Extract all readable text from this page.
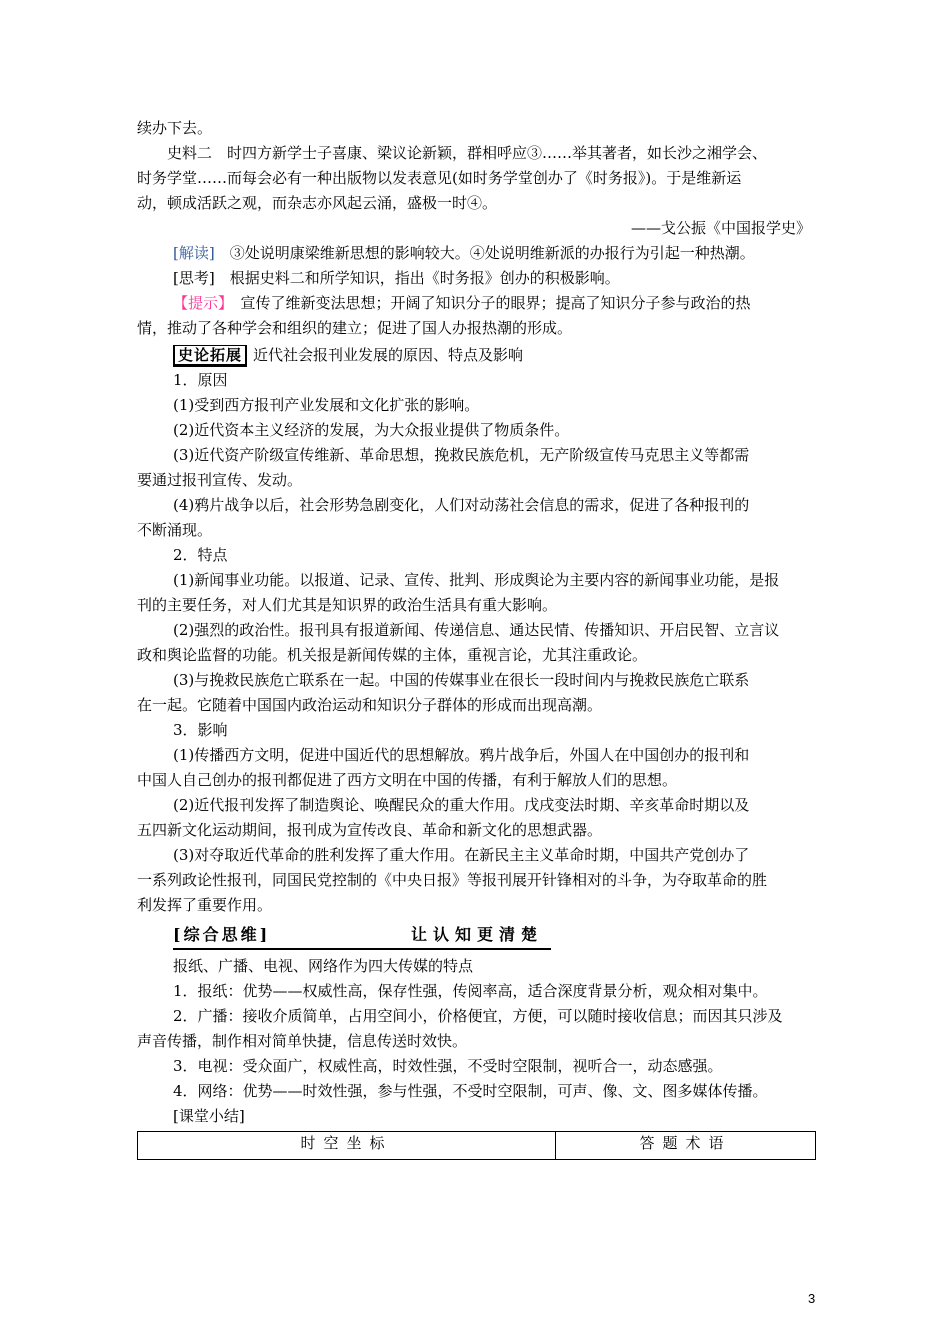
续办下去。

史料二　时四方新学士子喜康、梁议论新颖，群相呼应③……举其著者，如长沙之湘学会、

时务学堂……而每会必有一种出版物以发表意见(如时务学堂创办了《时务报》)。于是维新运

动，顿成活跃之观，而杂志亦风起云涌，盛极一时④。

——戈公振《中国报学史》

[解读]　③处说明康梁维新思想的影响较大。④处说明维新派的办报行为引起一种热潮。

[思考]　根据史料二和所学知识，指出《时务报》创办的积极影响。

【提示】　宣传了维新变法思想；开阔了知识分子的眼界；提高了知识分子参与政治的热

情，推动了各种学会和组织的建立；促进了国人办报热潮的形成。

史论拓展 近代社会报刊业发展的原因、特点及影响

1．原因

(1)受到西方报刊产业发展和文化扩张的影响。

(2)近代资本主义经济的发展，为大众报业提供了物质条件。

(3)近代资产阶级宣传维新、革命思想，挽救民族危机，无产阶级宣传马克思主义等都需

要通过报刊宣传、发动。

(4)鸦片战争以后，社会形势急剧变化，人们对动荡社会信息的需求，促进了各种报刊的

不断涌现。

2．特点

(1)新闻事业功能。以报道、记录、宣传、批判、形成舆论为主要内容的新闻事业功能，是报

刊的主要任务，对人们尤其是知识界的政治生活具有重大影响。

(2)强烈的政治性。报刊具有报道新闻、传递信息、通达民情、传播知识、开启民智、立言议

政和舆论监督的功能。机关报是新闻传媒的主体，重视言论，尤其注重政论。

(3)与挽救民族危亡联系在一起。中国的传媒事业在很长一段时间内与挽救民族危亡联系

在一起。它随着中国国内政治运动和知识分子群体的形成而出现高潮。

3．影响

(1)传播西方文明，促进中国近代的思想解放。鸦片战争后，外国人在中国创办的报刊和

中国人自己创办的报刊都促进了西方文明在中国的传播，有利于解放人们的思想。

(2)近代报刊发挥了制造舆论、唤醒民众的重大作用。戊戌变法时期、辛亥革命时期以及

五四新文化运动期间，报刊成为宣传改良、革命和新文化的思想武器。

(3)对夺取近代革命的胜利发挥了重大作用。在新民主主义革命时期，中国共产党创办了

一系列政论性报刊，同国民党控制的《中央日报》等报刊展开针锋相对的斗争，为夺取革命的胜

利发挥了重要作用。

[综合思维]	让认知更清楚

报纸、广播、电视、网络作为四大传媒的特点

1．报纸：优势——权威性高，保存性强，传阅率高，适合深度背景分析，观众相对集中。

2．广播：接收介质简单，占用空间小，价格便宜，方便，可以随时接收信息；而因其只涉及

声音传播，制作相对简单快捷，信息传送时效快。

3．电视：受众面广，权威性高，时效性强，不受时空限制，视听合一，动态感强。

4．网络：优势——时效性强，参与性强，不受时空限制，可声、像、文、图多媒体传播。

[课堂小结]

时空坐标	答题术语
3
